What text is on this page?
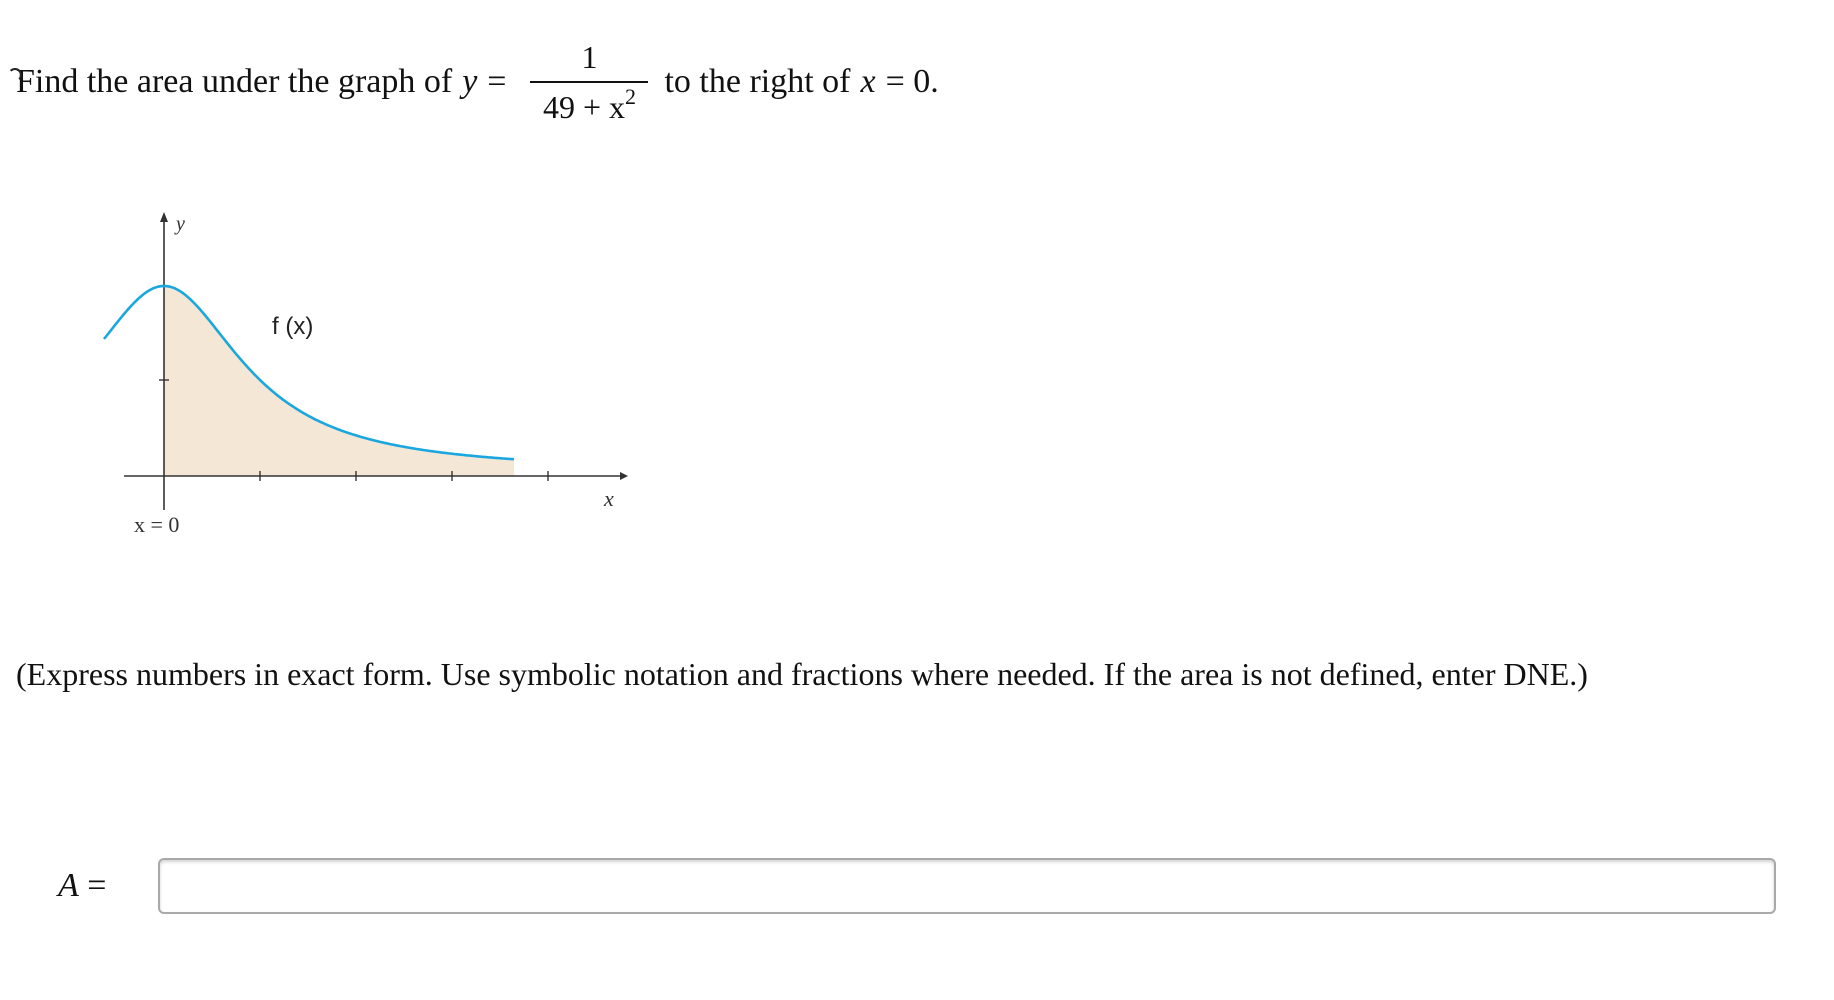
Find the area under the graph of $y = \frac{1}{49 + x^2}$ to the right of x = 0.
y
f (x)
x
x = 0
(Express numbers in exact form. Use symbolic notation and fractions where needed. If the area is not defined, enter DNE.)
A =
